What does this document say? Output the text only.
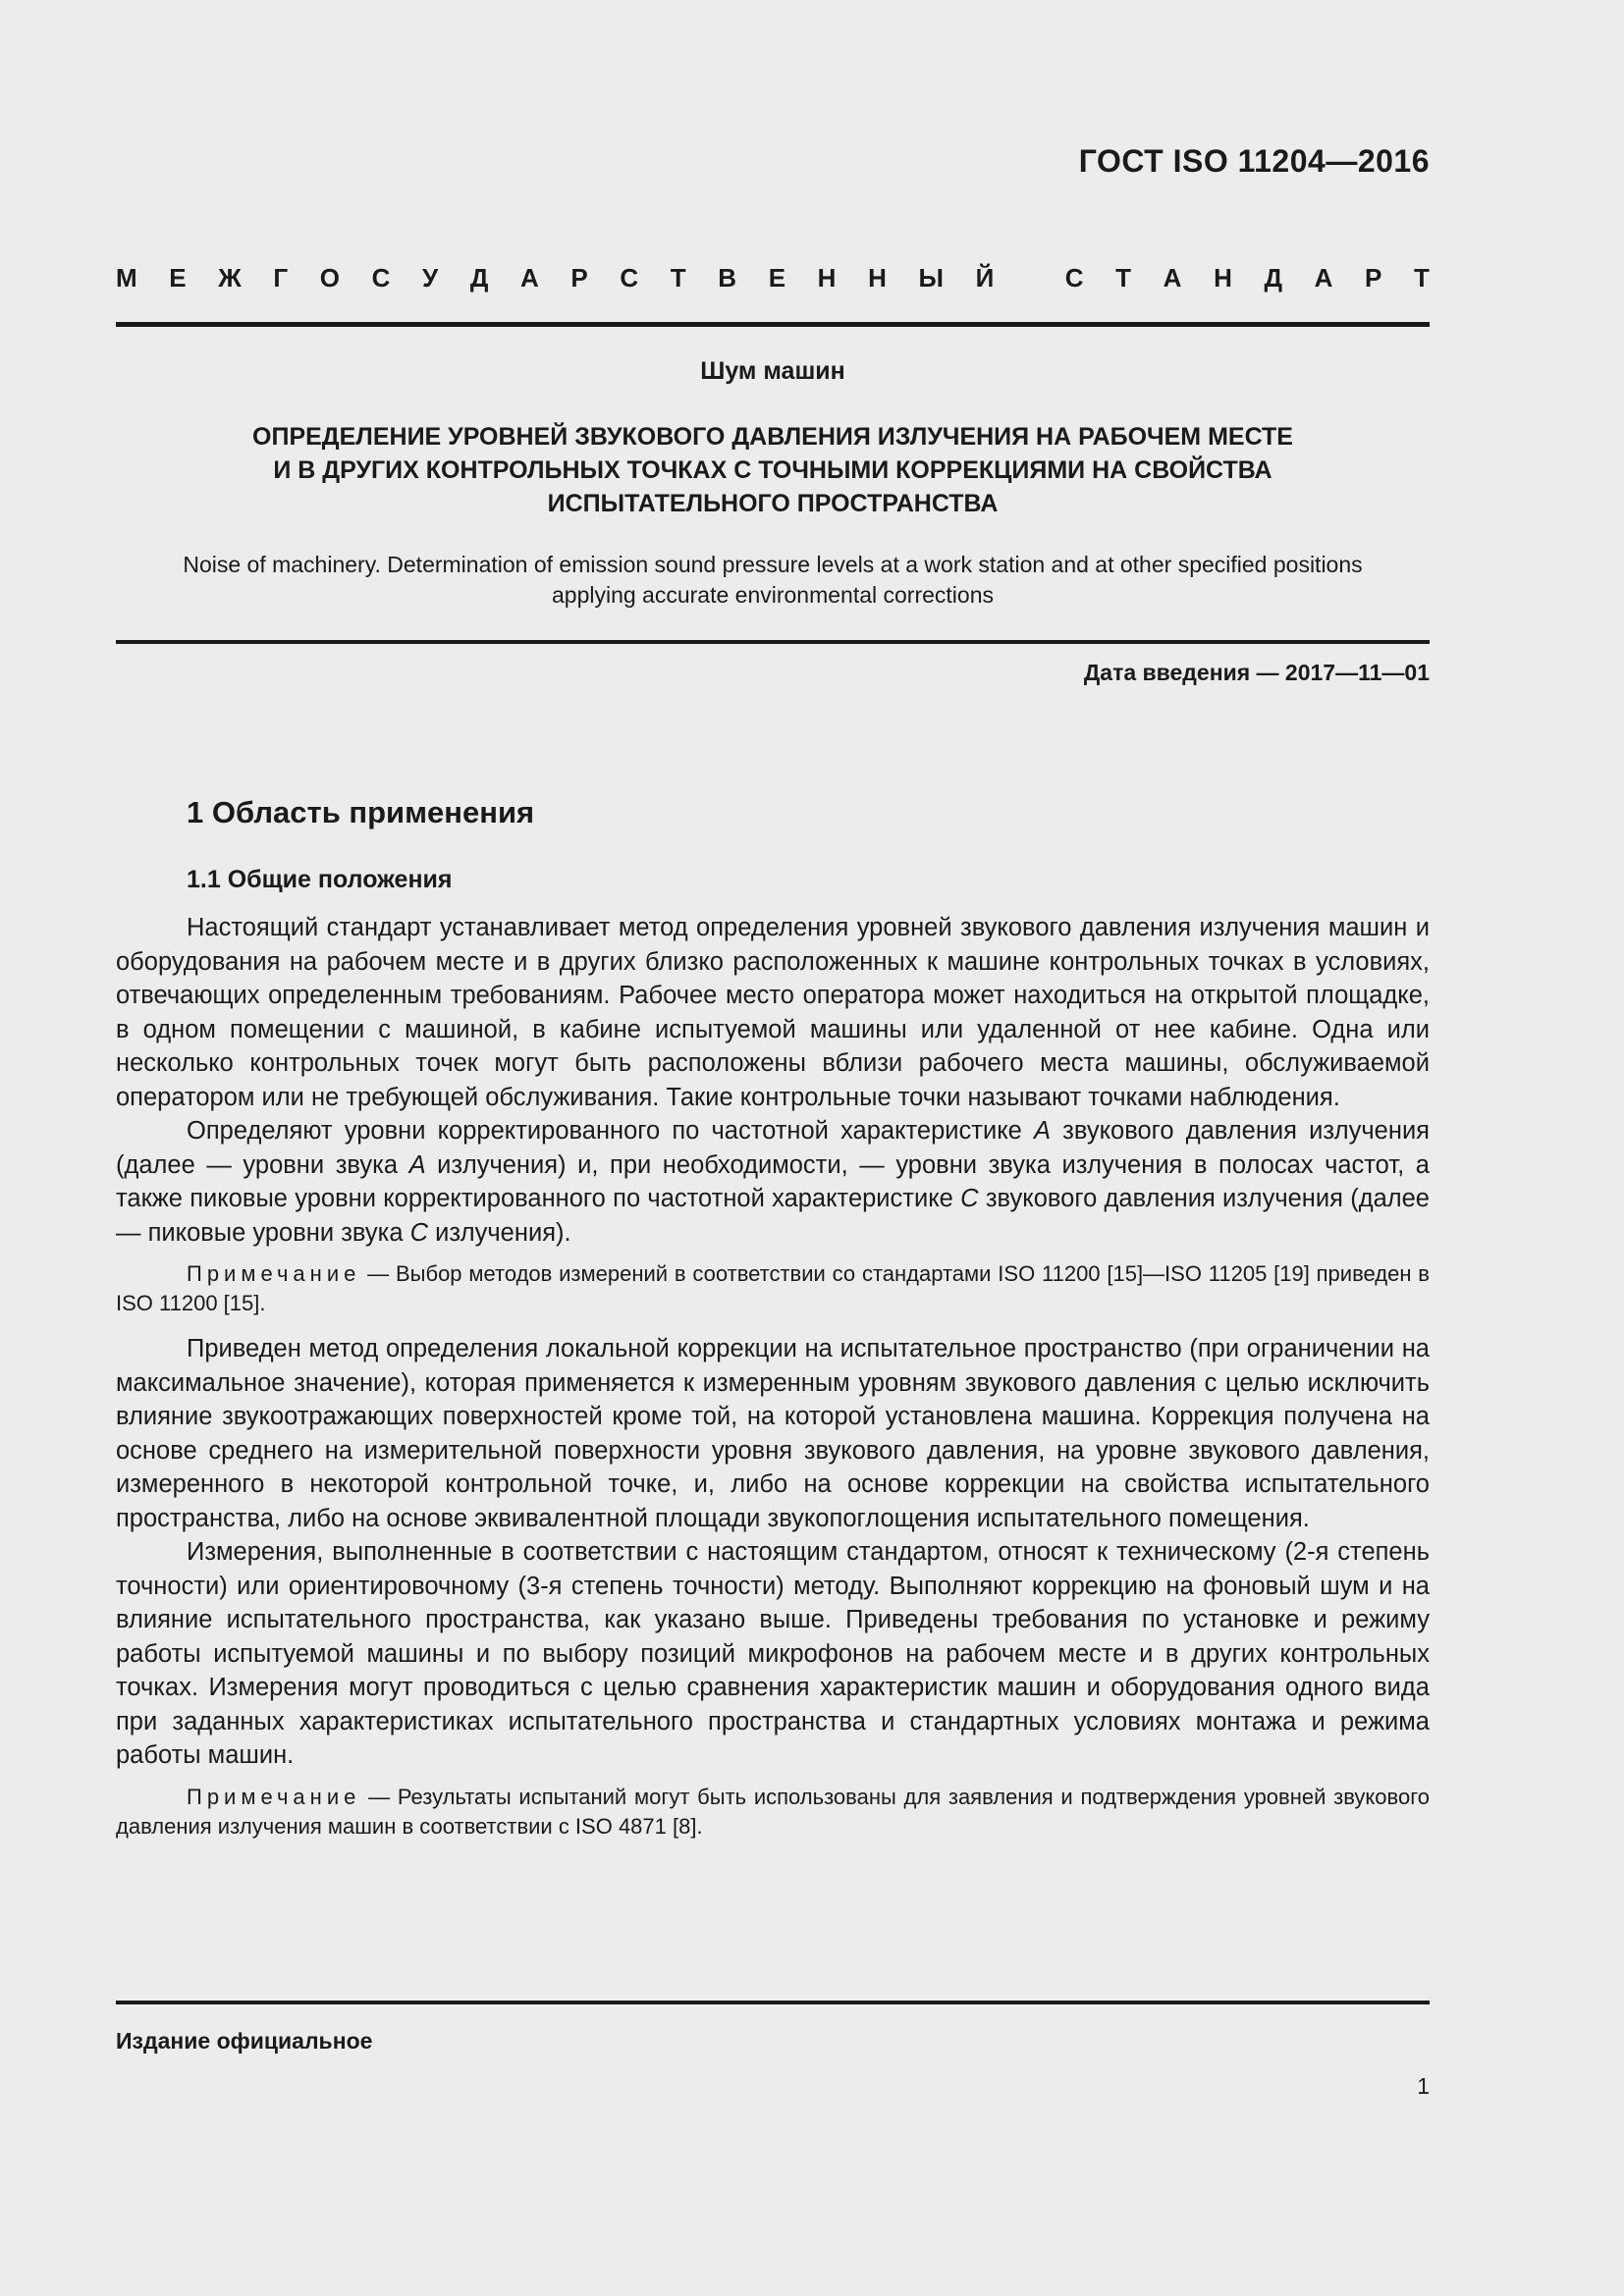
ГОСТ ISO 11204—2016
М Е Ж Г О С У Д А Р С Т В Е Н Н Ы Й
	С Т А Н Д А Р Т
Шум машин
ОПРЕДЕЛЕНИЕ УРОВНЕЙ ЗВУКОВОГО ДАВЛЕНИЯ ИЗЛУЧЕНИЯ НА РАБОЧЕМ МЕСТЕ
И В ДРУГИХ КОНТРОЛЬНЫХ ТОЧКАХ С ТОЧНЫМИ КОРРЕКЦИЯМИ НА СВОЙСТВА
ИСПЫТАТЕЛЬНОГО ПРОСТРАНСТВА
Noise of machinery. Determination of emission sound pressure levels at a work station and at other specified positions
applying accurate environmental corrections
Дата введения — 2017—11—01
1 Область применения
1.1 Общие положения

Настоящий стандарт устанавливает метод определения уровней звукового давления излучения машин и оборудования на рабочем месте и в других близко расположенных к машине контрольных точках в условиях, отвечающих определенным требованиям. Рабочее место оператора может находиться на открытой площадке, в одном помещении с машиной, в кабине испытуемой машины или удаленной от нее кабине. Одна или несколько контрольных точек могут быть расположены вблизи рабочего места машины, обслуживаемой оператором или не требующей обслуживания. Такие контрольные точки называют точками наблюдения.

Определяют уровни корректированного по частотной характеристике А звукового давления излучения (далее — уровни звука А излучения) и, при необходимости, — уровни звука излучения в полосах частот, а также пиковые уровни корректированного по частотной характеристике С звукового давления излучения (далее — пиковые уровни звука С излучения).

Примечание — Выбор методов измерений в соответствии со стандартами ISO 11200 [15]—ISO 11205 [19] приведен в ISO 11200 [15].

Приведен метод определения локальной коррекции на испытательное пространство (при ограничении на максимальное значение), которая применяется к измеренным уровням звукового давления с целью исключить влияние звукоотражающих поверхностей кроме той, на которой установлена машина. Коррекция получена на основе среднего на измерительной поверхности уровня звукового давления, на уровне звукового давления, измеренного в некоторой контрольной точке, и, либо на основе коррекции на свойства испытательного пространства, либо на основе эквивалентной площади звукопоглощения испытательного помещения.

Измерения, выполненные в соответствии с настоящим стандартом, относят к техническому (2-я степень точности) или ориентировочному (3-я степень точности) методу. Выполняют коррекцию на фоновый шум и на влияние испытательного пространства, как указано выше. Приведены требования по установке и режиму работы испытуемой машины и по выбору позиций микрофонов на рабочем месте и в других контрольных точках. Измерения могут проводиться с целью сравнения характеристик машин и оборудования одного вида при заданных характеристиках испытательного пространства и стандартных условиях монтажа и режима работы машин.

Примечание — Результаты испытаний могут быть использованы для заявления и подтверждения уровней звукового давления излучения машин в соответствии с ISO 4871 [8].

Издание официальное
1
